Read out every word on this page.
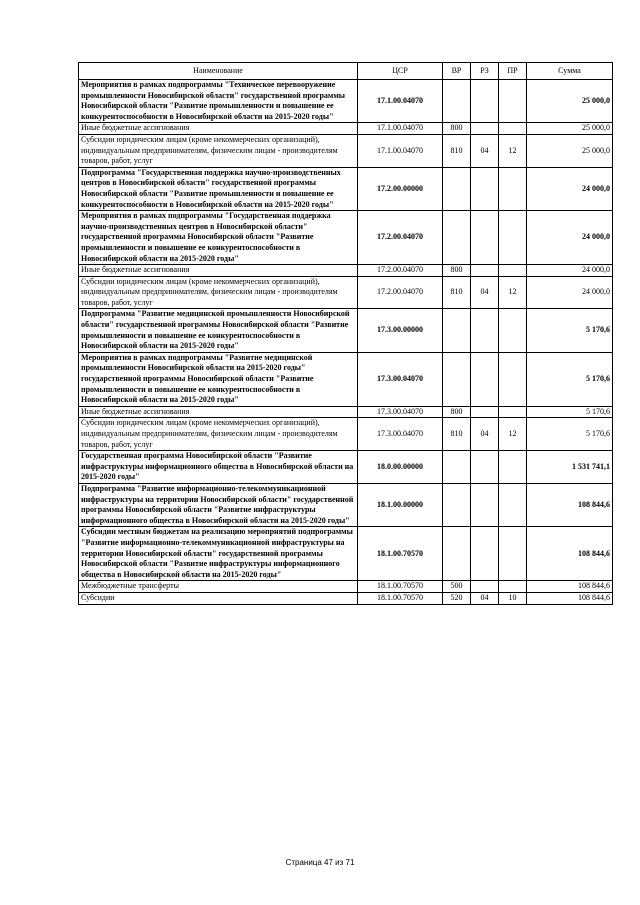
Наименование	ЦСР	ВР	РЗ	ПР	Сумма
Мероприятия в рамках подпрограммы "Техническое перевооружение промышленности Новосибирской области" государственной программы Новосибирской области "Развитие промышленности и повышение ее конкурентоспособности в Новосибирской области на 2015-2020 годы"	17.1.00.04070				25 000,0
Иные бюджетные ассигнования	17.1.00.04070	800			25 000,0
Субсидии юридическим лицам (кроме некоммерческих организаций), индивидуальным предпринимателям, физическим лицам - производителям товаров, работ, услуг	17.1.00.04070	810	04	12	25 000,0
Подпрограмма "Государственная поддержка научно-производственных центров в Новосибирской области" государственной программы Новосибирской области "Развитие промышленности и повышение ее конкурентоспособности в Новосибирской области на 2015-2020 годы"	17.2.00.00000				24 000,0
Мероприятия в рамках подпрограммы "Государственная поддержка научно-производственных центров в Новосибирской области" государственной программы Новосибирской области "Развитие промышленности и повышение ее конкурентоспособности в Новосибирской области на 2015-2020 годы"	17.2.00.04070				24 000,0
Иные бюджетные ассигнования	17.2.00.04070	800			24 000,0
Субсидии юридическим лицам (кроме некоммерческих организаций), индивидуальным предпринимателям, физическим лицам - производителям товаров, работ, услуг	17.2.00.04070	810	04	12	24 000,0
Подпрограмма "Развитие медицинской промышленности Новосибирской области" государственной программы Новосибирской области "Развитие промышленности и повышение ее конкурентоспособности в Новосибирской области на 2015-2020 годы"	17.3.00.00000				5 170,6
Мероприятия в рамках подпрограммы "Развитие медицинской промышленности Новосибирской области на 2015-2020 годы" государственной программы Новосибирской области "Развитие промышленности и повышение ее конкурентоспособности в Новосибирской области на 2015-2020 годы"	17.3.00.04070				5 170,6
Иные бюджетные ассигнования	17.3.00.04070	800			5 170,6
Субсидии юридическим лицам (кроме некоммерческих организаций), индивидуальным предпринимателям, физическим лицам - производителям товаров, работ, услуг	17.3.00.04070	810	04	12	5 170,6
Государственная программа Новосибирской области "Развитие инфраструктуры информационного общества в Новосибирской области на 2015-2020 годы"	18.0.00.00000				1 531 741,1
Подпрограмма "Развитие информационно-телекоммуникационной инфраструктуры на территории Новосибирской области" государственной программы Новосибирской области "Развитие инфраструктуры информационного общества в Новосибирской области на 2015-2020 годы"	18.1.00.00000				108 844,6
Субсидии местным бюджетам на реализацию мероприятий подпрограммы "Развитие информационно-телекоммуникационной инфраструктуры на территории Новосибирской области" государственной программы Новосибирской области "Развитие инфраструктуры информационного общества в Новосибирской области на 2015-2020 годы"	18.1.00.70570				108 844,6
Межбюджетные трансферты	18.1.00.70570	500			108 844,6
Субсидии	18.1.00.70570	520	04	10	108 844,6
Страница 47 из 71
